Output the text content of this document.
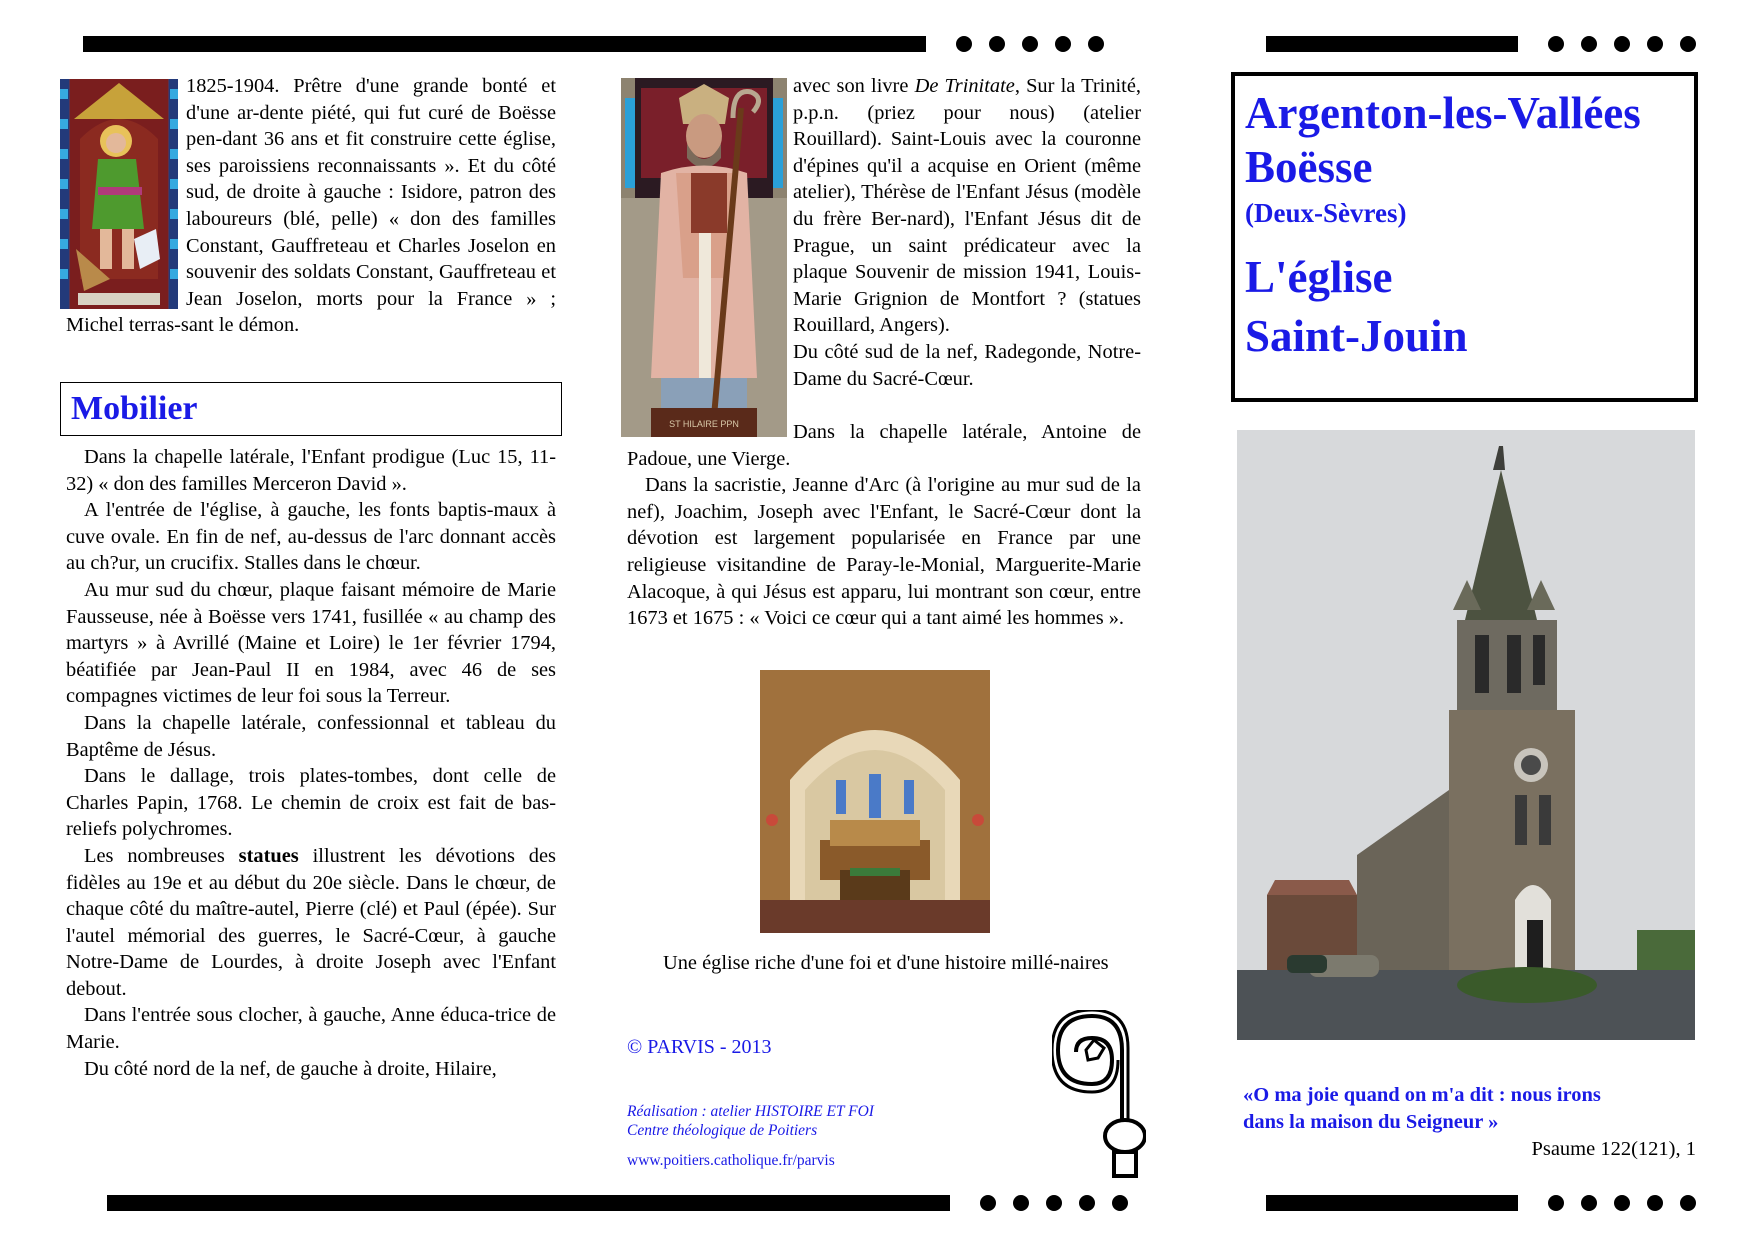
1825-1904. Prêtre d'une grande bonté et d'une ar-dente piété, qui fut curé de Boësse pen-dant 36 ans et fit construire cette église, ses paroissiens reconnaissants ». Et du côté sud, de droite à gauche : Isidore, patron des laboureurs (blé, pelle) « don des familles Constant, Gauffreteau et Charles Joselon en souvenir des soldats Constant, Gauffreteau et Jean Joselon, morts pour la France » ; Michel terras-sant le démon.

Mobilier

Dans la chapelle latérale, l'Enfant prodigue (Luc 15, 11-32) « don des familles Merceron David ».

A l'entrée de l'église, à gauche, les fonts baptis-maux à cuve ovale. En fin de nef, au-dessus de l'arc donnant accès au ch?ur, un crucifix. Stalles dans le chœur.

Au mur sud du chœur, plaque faisant mémoire de Marie Fausseuse, née à Boësse vers 1741, fusillée « au champ des martyrs » à Avrillé (Maine et Loire) le 1er février 1794, béatifiée par Jean-Paul II en 1984, avec 46 de ses compagnes victimes de leur foi sous la Terreur.

Dans la chapelle latérale, confessionnal et tableau du Baptême de Jésus.

Dans le dallage, trois plates-tombes, dont celle de Charles Papin, 1768. Le chemin de croix est fait de bas-reliefs polychromes.

Les nombreuses statues illustrent les dévotions des fidèles au 19e et au début du 20e siècle. Dans le chœur, de chaque côté du maître-autel, Pierre (clé) et Paul (épée). Sur l'autel mémorial des guerres, le Sacré-Cœur, à gauche Notre-Dame de Lourdes, à droite Joseph avec l'Enfant debout.

Dans l'entrée sous clocher, à gauche, Anne éduca-trice de Marie.

Du côté nord de la nef, de gauche à droite, Hilaire,

ST HILAIRE PPN

avec son livre De Trinitate, Sur la Trinité, p.p.n. (priez pour nous) (atelier Rouillard). Saint-Louis avec la couronne d'épines qu'il a acquise en Orient (même atelier), Thérèse de l'Enfant Jésus (modèle du frère Ber-nard), l'Enfant Jésus dit de Prague, un saint prédicateur avec la plaque Souvenir de mission 1941, Louis-Marie Grignion de Montfort ? (statues Rouillard, Angers).

Du côté sud de la nef, Radegonde, Notre-Dame du Sacré-Cœur.

Dans la chapelle latérale, Antoine de Padoue, une Vierge.

Dans la sacristie, Jeanne d'Arc (à l'origine au mur sud de la nef), Joachim, Joseph avec l'Enfant, le Sacré-Cœur dont la dévotion est largement popularisée en France par une religieuse visitandine de Paray-le-Monial, Marguerite-Marie Alacoque, à qui Jésus est apparu, lui montrant son cœur, entre 1673 et 1675 : « Voici ce cœur qui a tant aimé les hommes ».

Une église riche d'une foi et d'une histoire millé-naires

© PARVIS - 2013
Réalisation : atelier HISTOIRE ET FOI
Centre théologique de Poitiers
www.poitiers.catholique.fr/parvis
Argenton-les-Vallées
Boësse
(Deux-Sèvres)
L'église
Saint-Jouin
«O ma joie quand on m'a dit : nous irons
dans la maison du Seigneur »
Psaume 122(121), 1
